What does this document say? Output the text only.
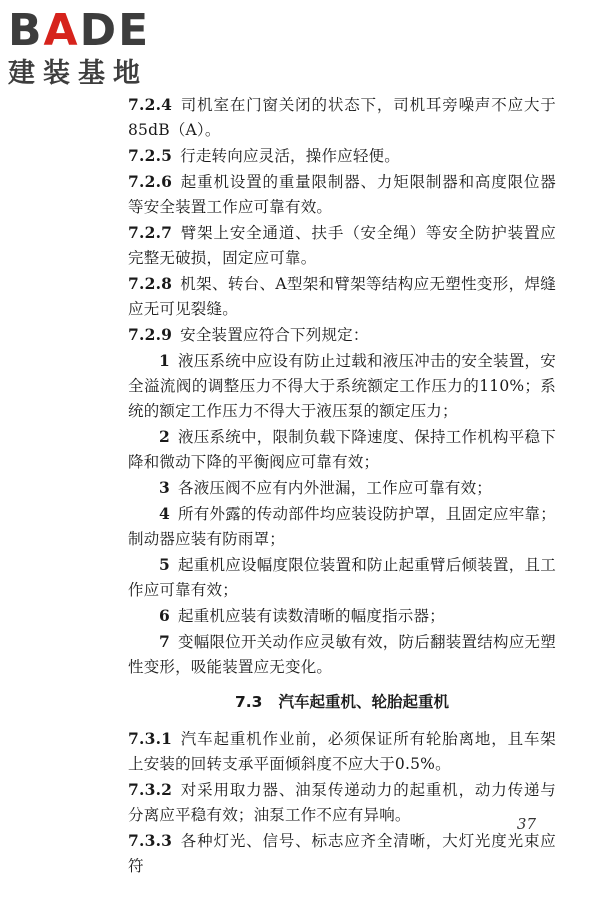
BADE
建装基地
7.2.4 司机室在门窗关闭的状态下，司机耳旁噪声不应大于85dB（A）。
7.2.5 行走转向应灵活，操作应轻便。
7.2.6 起重机设置的重量限制器、力矩限制器和高度限位器等安全装置工作应可靠有效。
7.2.7 臂架上安全通道、扶手（安全绳）等安全防护装置应完整无破损，固定应可靠。
7.2.8 机架、转台、A型架和臂架等结构应无塑性变形，焊缝应无可见裂缝。
7.2.9 安全装置应符合下列规定：
1 液压系统中应设有防止过载和液压冲击的安全装置，安全溢流阀的调整压力不得大于系统额定工作压力的110%；系统的额定工作压力不得大于液压泵的额定压力；
2 液压系统中，限制负载下降速度、保持工作机构平稳下降和微动下降的平衡阀应可靠有效；
3 各液压阀不应有内外泄漏，工作应可靠有效；
4 所有外露的传动部件均应装设防护罩，且固定应牢靠；制动器应装有防雨罩；
5 起重机应设幅度限位装置和防止起重臂后倾装置，且工作应可靠有效；
6 起重机应装有读数清晰的幅度指示器；
7 变幅限位开关动作应灵敏有效，防后翻装置结构应无塑性变形，吸能装置应无变化。
7.3 汽车起重机、轮胎起重机
7.3.1 汽车起重机作业前，必须保证所有轮胎离地，且车架上安装的回转支承平面倾斜度不应大于0.5%。
7.3.2 对采用取力器、油泵传递动力的起重机，动力传递与分离应平稳有效；油泵工作不应有异响。
7.3.3 各种灯光、信号、标志应齐全清晰，大灯光度光束应符
37
